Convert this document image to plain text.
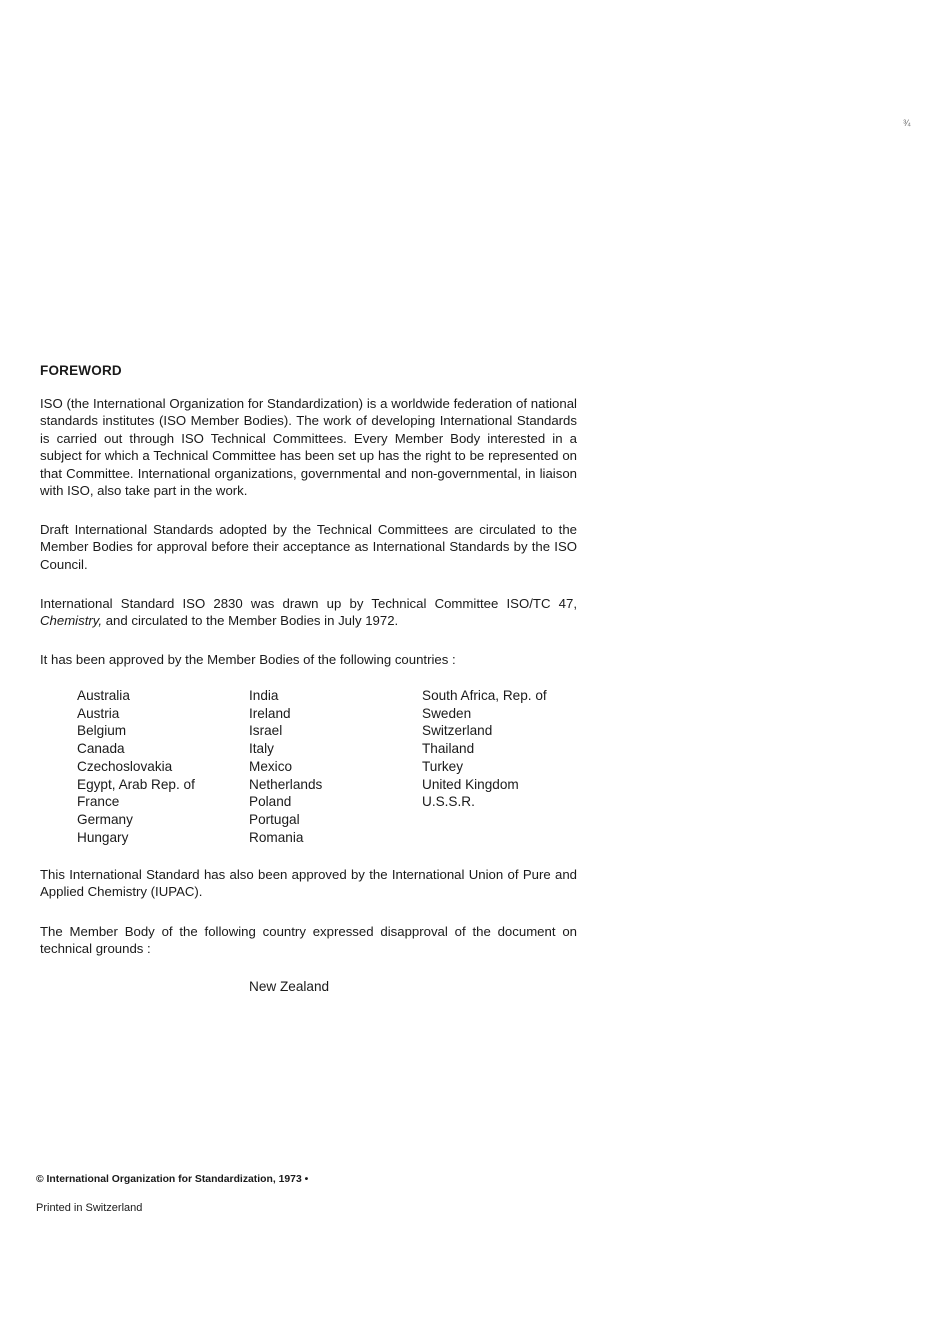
¾
FOREWORD

ISO (the International Organization for Standardization) is a worldwide federation of national standards institutes (ISO Member Bodies). The work of developing International Standards is carried out through ISO Technical Committees. Every Member Body interested in a subject for which a Technical Committee has been set up has the right to be represented on that Committee. International organizations, governmental and non-governmental, in liaison with ISO, also take part in the work.

Draft International Standards adopted by the Technical Committees are circulated to the Member Bodies for approval before their acceptance as International Standards by the ISO Council.

International Standard ISO 2830 was drawn up by Technical Committee ISO/TC 47, Chemistry, and circulated to the Member Bodies in July 1972.

It has been approved by the Member Bodies of the following countries :

Australia
Austria
Belgium
Canada
Czechoslovakia
Egypt, Arab Rep. of
France
Germany
Hungary
India
Ireland
Israel
Italy
Mexico
Netherlands
Poland
Portugal
Romania
South Africa, Rep. of
Sweden
Switzerland
Thailand
Turkey
United Kingdom
U.S.S.R.

This International Standard has also been approved by the International Union of Pure and Applied Chemistry (IUPAC).

The Member Body of the following country expressed disapproval of the document on technical grounds :

New Zealand
© International Organization for Standardization, 1973 •
Printed in Switzerland
